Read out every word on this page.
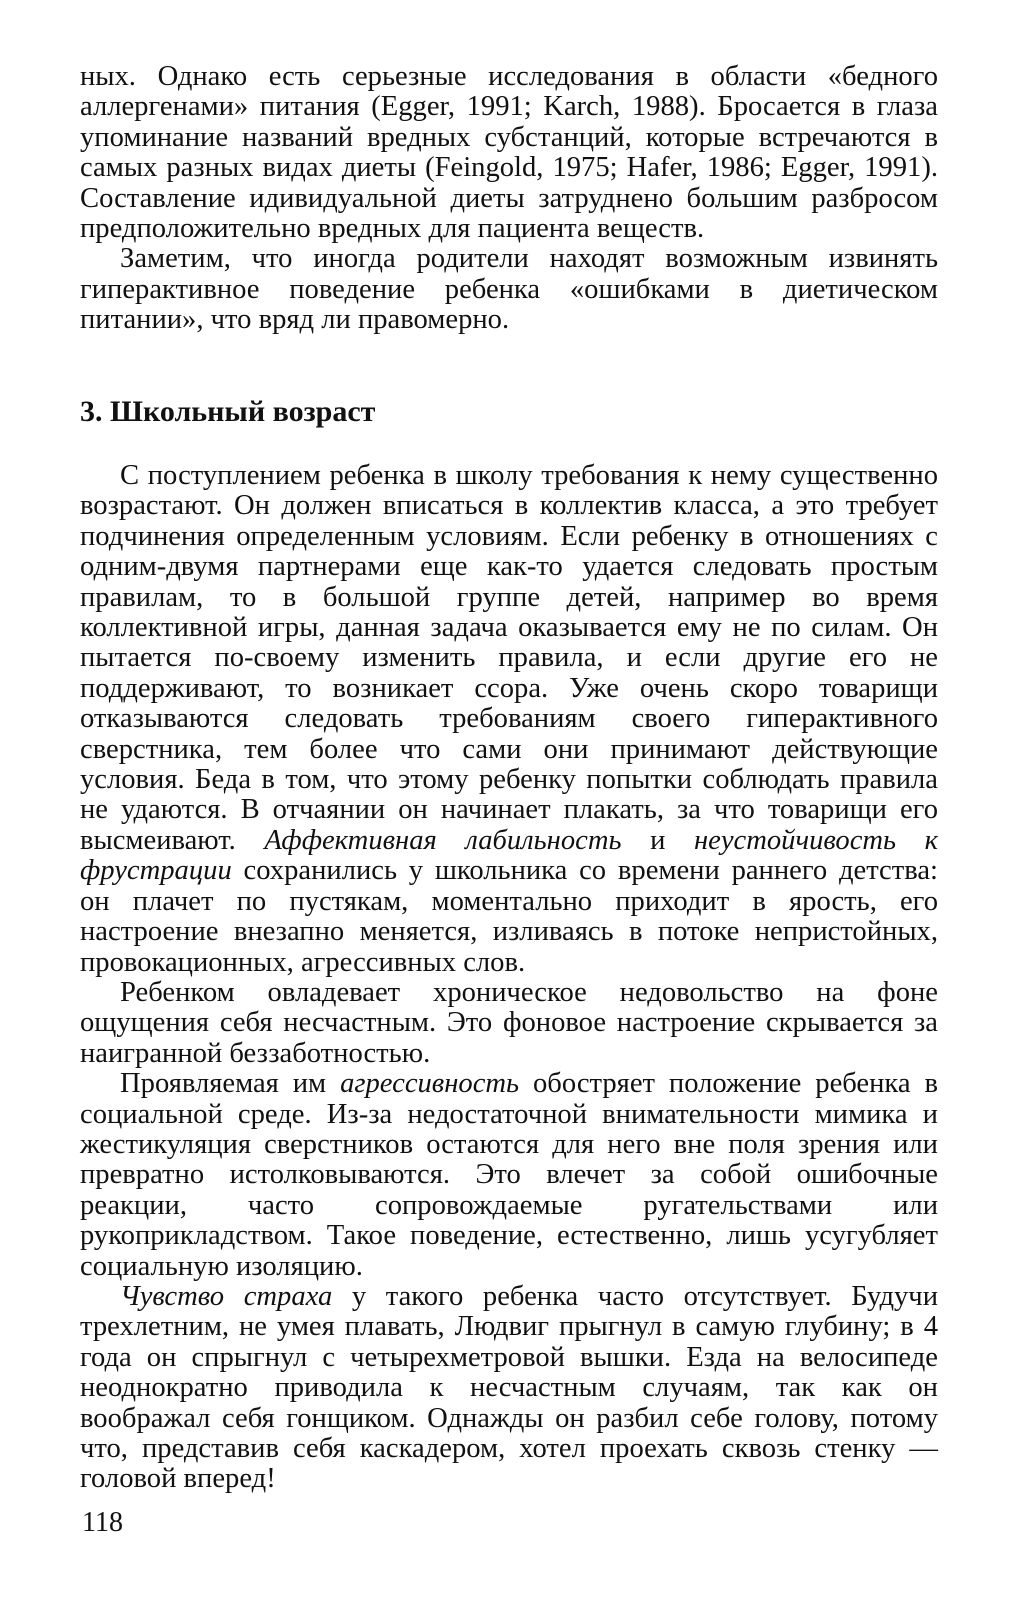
ных. Однако есть серьезные исследования в области «бедного аллергенами» питания (Egger, 1991; Karch, 1988). Бросается в глаза упоминание названий вредных субстанций, которые встречаются в самых разных видах диеты (Feingold, 1975; Hafer, 1986; Egger, 1991). Составление идивидуальной диеты затруднено большим разбросом предположительно вредных для пациента веществ.

Заметим, что иногда родители находят возможным извинять гиперактивное поведение ребенка «ошибками в диетическом питании», что вряд ли правомерно.

3. Школьный возраст

С поступлением ребенка в школу требования к нему существенно возрастают. Он должен вписаться в коллектив класса, а это требует подчинения определенным условиям. Если ребенку в отношениях с одним-двумя партнерами еще как-то удается следовать простым правилам, то в большой группе детей, например во время коллективной игры, данная задача оказывается ему не по силам. Он пытается по-своему изменить правила, и если другие его не поддерживают, то возникает ссора. Уже очень скоро товарищи отказываются следовать требованиям своего гиперактивного сверстника, тем более что сами они принимают действующие условия. Беда в том, что этому ребенку попытки соблюдать правила не удаются. В отчаянии он начинает плакать, за что товарищи его высмеивают. Аффективная лабильность и неустойчивость к фрустрации сохранились у школьника со времени раннего детства: он плачет по пустякам, моментально приходит в ярость, его настроение внезапно меняется, изливаясь в потоке непристойных, провокационных, агрессивных слов.

Ребенком овладевает хроническое недовольство на фоне ощущения себя несчастным. Это фоновое настроение скрывается за наигранной беззаботностью.

Проявляемая им агрессивность обостряет положение ребенка в социальной среде. Из-за недостаточной внимательности мимика и жестикуляция сверстников остаются для него вне поля зрения или превратно истолковываются. Это влечет за собой ошибочные реакции, часто сопровождаемые ругательствами или рукоприкладством. Такое поведение, естественно, лишь усугубляет социальную изоляцию.

Чувство страха у такого ребенка часто отсутствует. Будучи трехлетним, не умея плавать, Людвиг прыгнул в самую глубину; в 4 года он спрыгнул с четырехметровой вышки. Езда на велосипеде неоднократно приводила к несчастным случаям, так как он воображал себя гонщиком. Однажды он разбил себе голову, потому что, представив себя каскадером, хотел проехать сквозь стенку — головой вперед!

118
